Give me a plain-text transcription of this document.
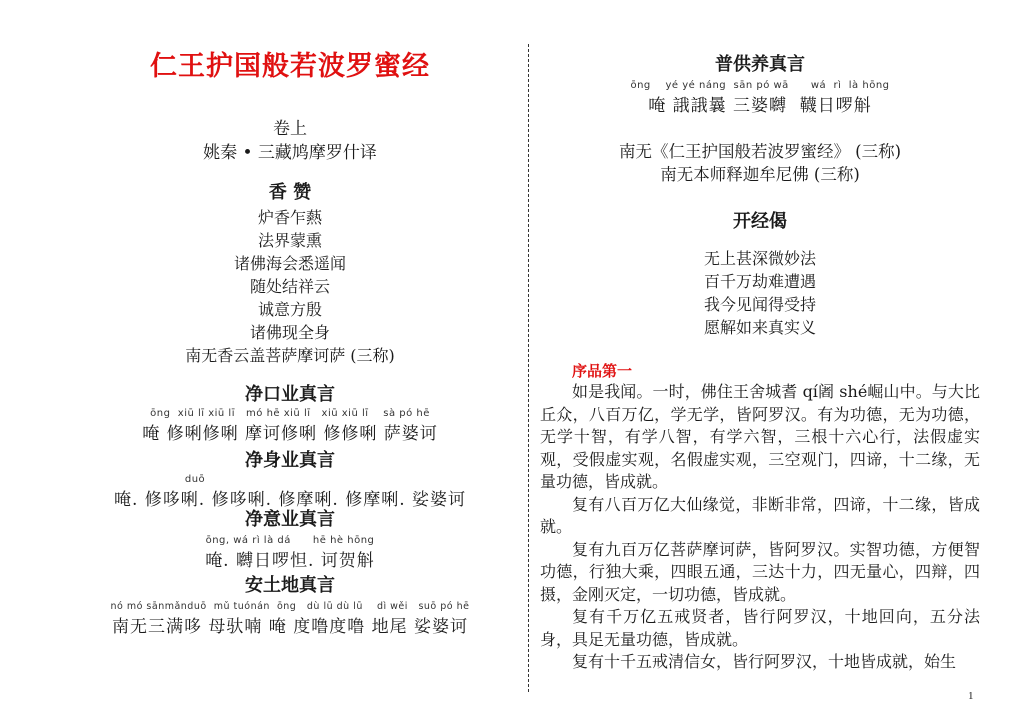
仁王护国般若波罗蜜经
卷上
姚秦 • 三藏鸠摩罗什译
香 赞
炉香乍爇
法界蒙熏
诸佛海会悉遥闻
随处结祥云
诚意方殷
诸佛现全身
南无香云盖菩萨摩诃萨 (三称)
净口业真言
ōng  xiū lī xiū lī   mó hē xiū lī   xiū xiū lī    sà pó hē
唵 修唎修唎 摩诃修唎 修修唎 萨婆诃
净身业真言
duō
唵. 修哆唎. 修哆唎. 修摩唎. 修摩唎. 娑婆诃
净意业真言
ōng, wá rì là dá      hē hè hōng
唵. 嚩日啰怛. 诃贺斛
安土地真言
nó mó sānmǎnduō  mǔ tuónán  ōng   dù lū dù lū    dì wěi   suō pó hē
南无三满哆 母驮喃 唵 度噜度噜 地尾 娑婆诃
普供养真言
ōng    yé yé náng  sān pó wā      wá  rì  là hōng
唵 誐誐曩 三婆嚩  韈日啰斛
南无《仁王护国般若波罗蜜经》 (三称)
南无本师释迦牟尼佛 (三称)
开经偈
无上甚深微妙法
百千万劫难遭遇
我今见闻得受持
愿解如来真实义
序品第一
如是我闻。一时，佛住王舍城耆 qí阇 shé崛山中。与大比丘众，八百万亿，学无学，皆阿罗汉。有为功德，无为功德，无学十智，有学八智，有学六智，三根十六心行，法假虚实观，受假虚实观，名假虚实观，三空观门，四谛，十二缘，无量功德，皆成就。
复有八百万亿大仙缘觉，非断非常，四谛，十二缘，皆成就。
复有九百万亿菩萨摩诃萨，皆阿罗汉。实智功德，方便智功德，行独大乘，四眼五通，三达十力，四无量心，四辩，四摄，金刚灭定，一切功德，皆成就。
复有千万亿五戒贤者，皆行阿罗汉，十地回向，五分法身，具足无量功德，皆成就。
复有十千五戒清信女，皆行阿罗汉，十地皆成就，始生
1
